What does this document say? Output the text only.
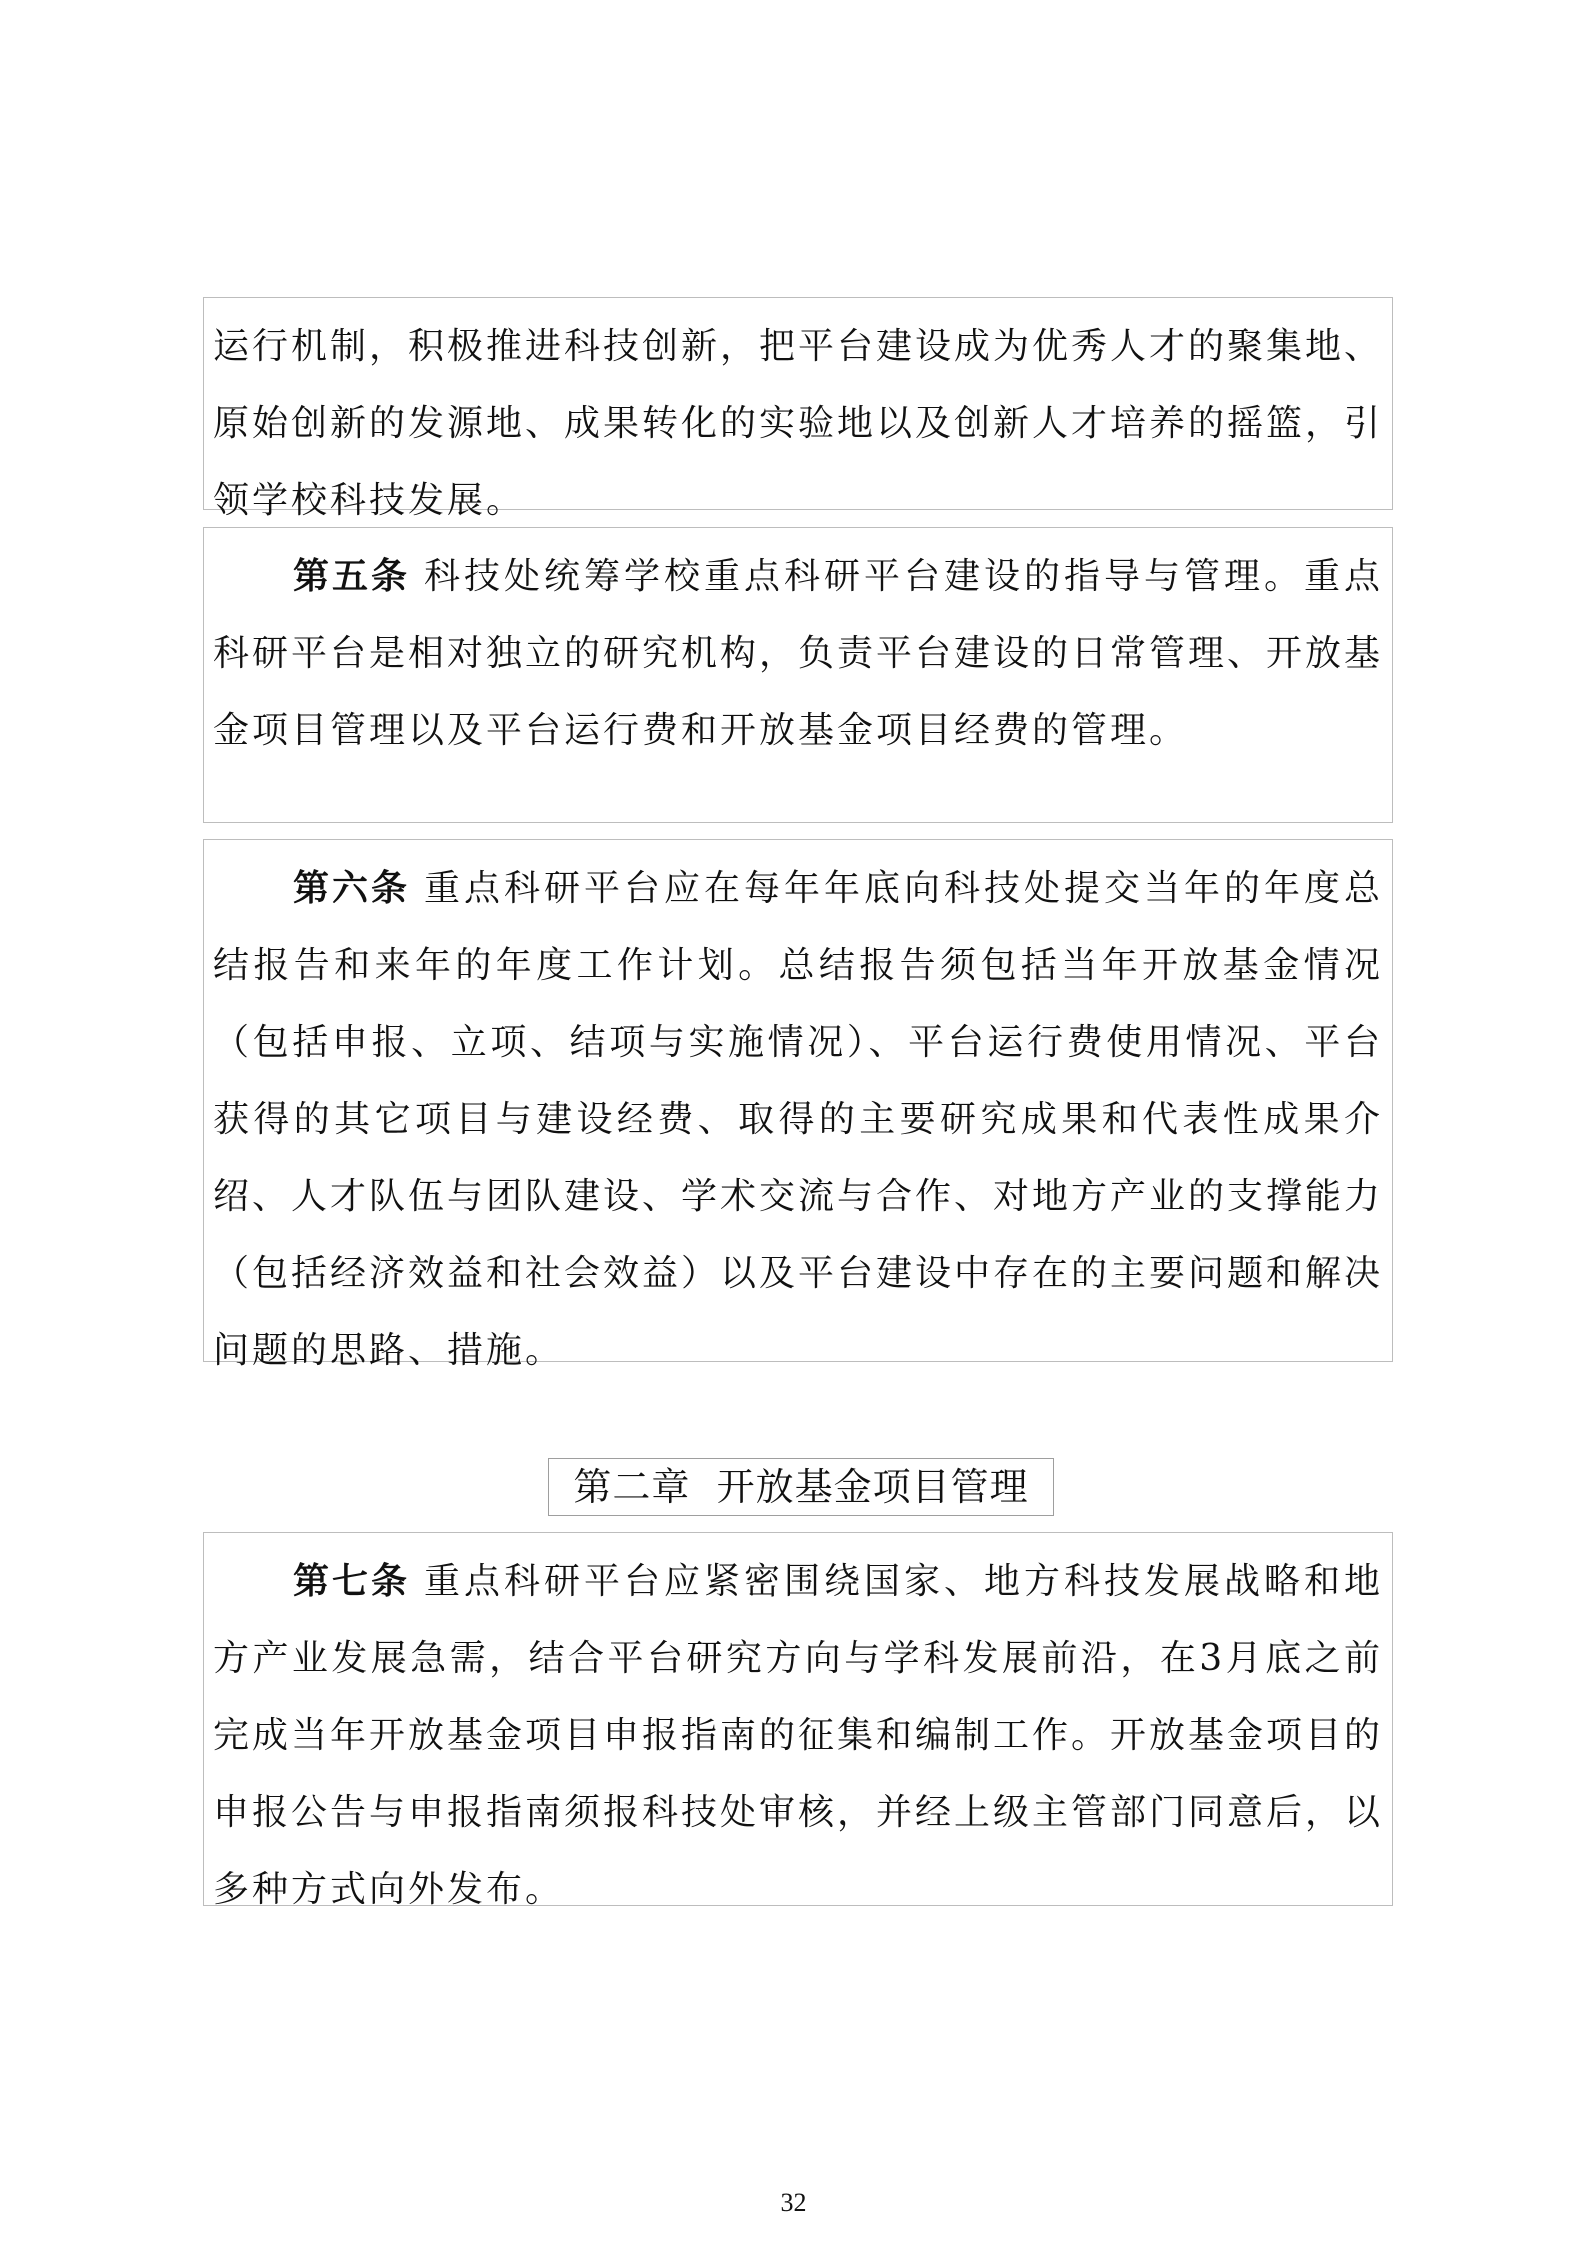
运行机制，积极推进科技创新，把平台建设成为优秀人才的聚集地、原始创新的发源地、成果转化的实验地以及创新人才培养的摇篮，引领学校科技发展。
第五条 科技处统筹学校重点科研平台建设的指导与管理。重点科研平台是相对独立的研究机构，负责平台建设的日常管理、开放基金项目管理以及平台运行费和开放基金项目经费的管理。
第六条 重点科研平台应在每年年底向科技处提交当年的年度总结报告和来年的年度工作计划。总结报告须包括当年开放基金情况（包括申报、立项、结项与实施情况）、平台运行费使用情况、平台获得的其它项目与建设经费、取得的主要研究成果和代表性成果介绍、人才队伍与团队建设、学术交流与合作、对地方产业的支撑能力（包括经济效益和社会效益）以及平台建设中存在的主要问题和解决问题的思路、措施。
第二章  开放基金项目管理
第七条 重点科研平台应紧密围绕国家、地方科技发展战略和地方产业发展急需，结合平台研究方向与学科发展前沿，在3月底之前完成当年开放基金项目申报指南的征集和编制工作。开放基金项目的申报公告与申报指南须报科技处审核，并经上级主管部门同意后，以多种方式向外发布。
32
